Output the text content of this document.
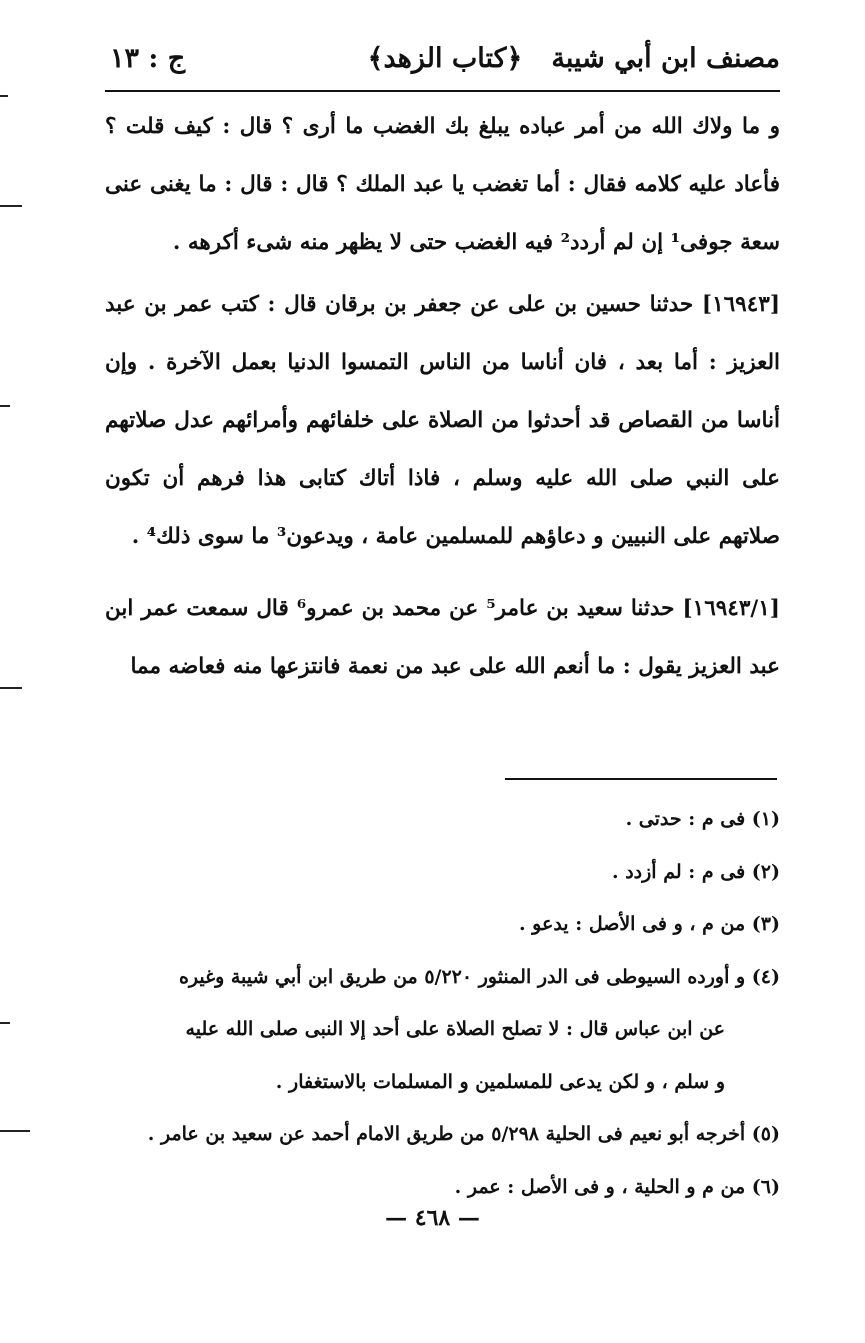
مصنف ابن أبي شيبة
﴿كتاب الزهد﴾
ج : ١٣

و ما ولاك الله من أمر عباده يبلغ بك الغضب ما أرى ؟ قال : كيف قلت ؟ فأعاد عليه كلامه فقال : أما تغضب يا عبد الملك ؟ قال : قال : ما يغنى عنى سعة جوفى¹ إن لم أردد² فيه الغضب حتى لا يظهر منه شىء أكرهه .

[١٦٩٤٣] حدثنا حسين بن على عن جعفر بن برقان قال : كتب عمر بن عبد العزيز : أما بعد ، فان أناسا من الناس التمسوا الدنيا بعمل الآخرة . وإن أناسا من القصاص قد أحدثوا من الصلاة على خلفائهم وأمرائهم عدل صلاتهم على النبي صلى الله عليه وسلم ، فاذا أتاك كتابى هذا فرهم أن تكون صلاتهم على النبيين و دعاؤهم للمسلمين عامة ، ويدعون³ ما سوى ذلك⁴ .

[١٦٩٤٣/١] حدثنا سعيد بن عامر⁵ عن محمد بن عمرو⁶ قال سمعت عمر ابن عبد العزيز يقول : ما أنعم الله على عبد من نعمة فانتزعها منه فعاضه مما

(١) فى م : حدتى .

(٢) فى م : لم أزدد .

(٣) من م ، و فى الأصل : يدعو .

(٤) و أورده السيوطى فى الدر المنثور ٥/٢٢٠ من طريق ابن أبي شيبة وغيره

عن ابن عباس قال : لا تصلح الصلاة على أحد إلا النبى صلى الله عليه

و سلم ، و لكن يدعى للمسلمين و المسلمات بالاستغفار .

(٥) أخرجه أبو نعيم فى الحلية ٥/٢٩٨ من طريق الامام أحمد عن سعيد بن عامر .

(٦) من م و الحلية ، و فى الأصل : عمر .

— ٤٦٨ —
